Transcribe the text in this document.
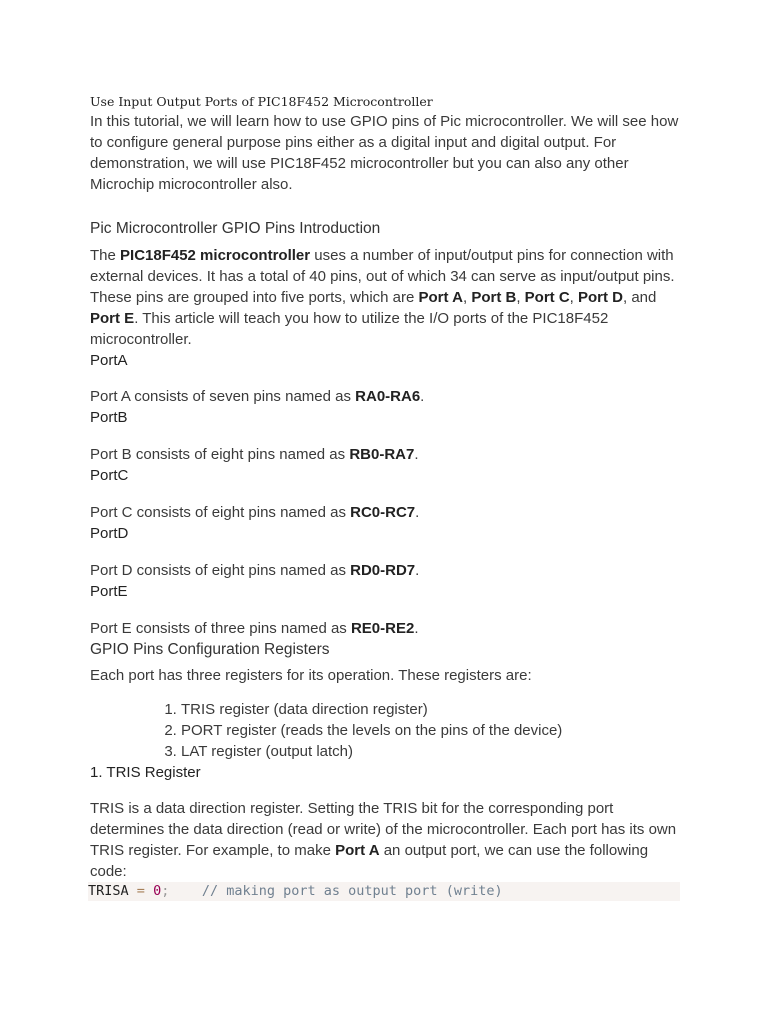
Use Input Output Ports of PIC18F452 Microcontroller

In this tutorial, we will learn how to use GPIO pins of Pic microcontroller. We will see how to configure general purpose pins either as a digital input and digital output. For demonstration, we will use PIC18F452 microcontroller but you can also any other Microchip microcontroller also.

Pic Microcontroller GPIO Pins Introduction

The PIC18F452 microcontroller uses a number of input/output pins for connection with external devices. It has a total of 40 pins, out of which 34 can serve as input/output pins. These pins are grouped into five ports, which are Port A, Port B, Port C, Port D, and Port E. This article will teach you how to utilize the I/O ports of the PIC18F452 microcontroller.

PortA

Port A consists of seven pins named as RA0-RA6.

PortB

Port B consists of eight pins named as RB0-RA7.

PortC

Port C consists of eight pins named as RC0-RC7.

PortD

Port D consists of eight pins named as RD0-RD7.

PortE

Port E consists of three pins named as RE0-RE2.

GPIO Pins Configuration Registers

Each port has three registers for its operation. These registers are:

1. TRIS register (data direction register)
2. PORT register (reads the levels on the pins of the device)
3. LAT register (output latch)
1. TRIS Register

TRIS is a data direction register. Setting the TRIS bit for the corresponding port determines the data direction (read or write) of the microcontroller. Each port has its own TRIS register. For example, to make Port A an output port, we can use the following code:

TRISA = 0; // making port as output port (write)
